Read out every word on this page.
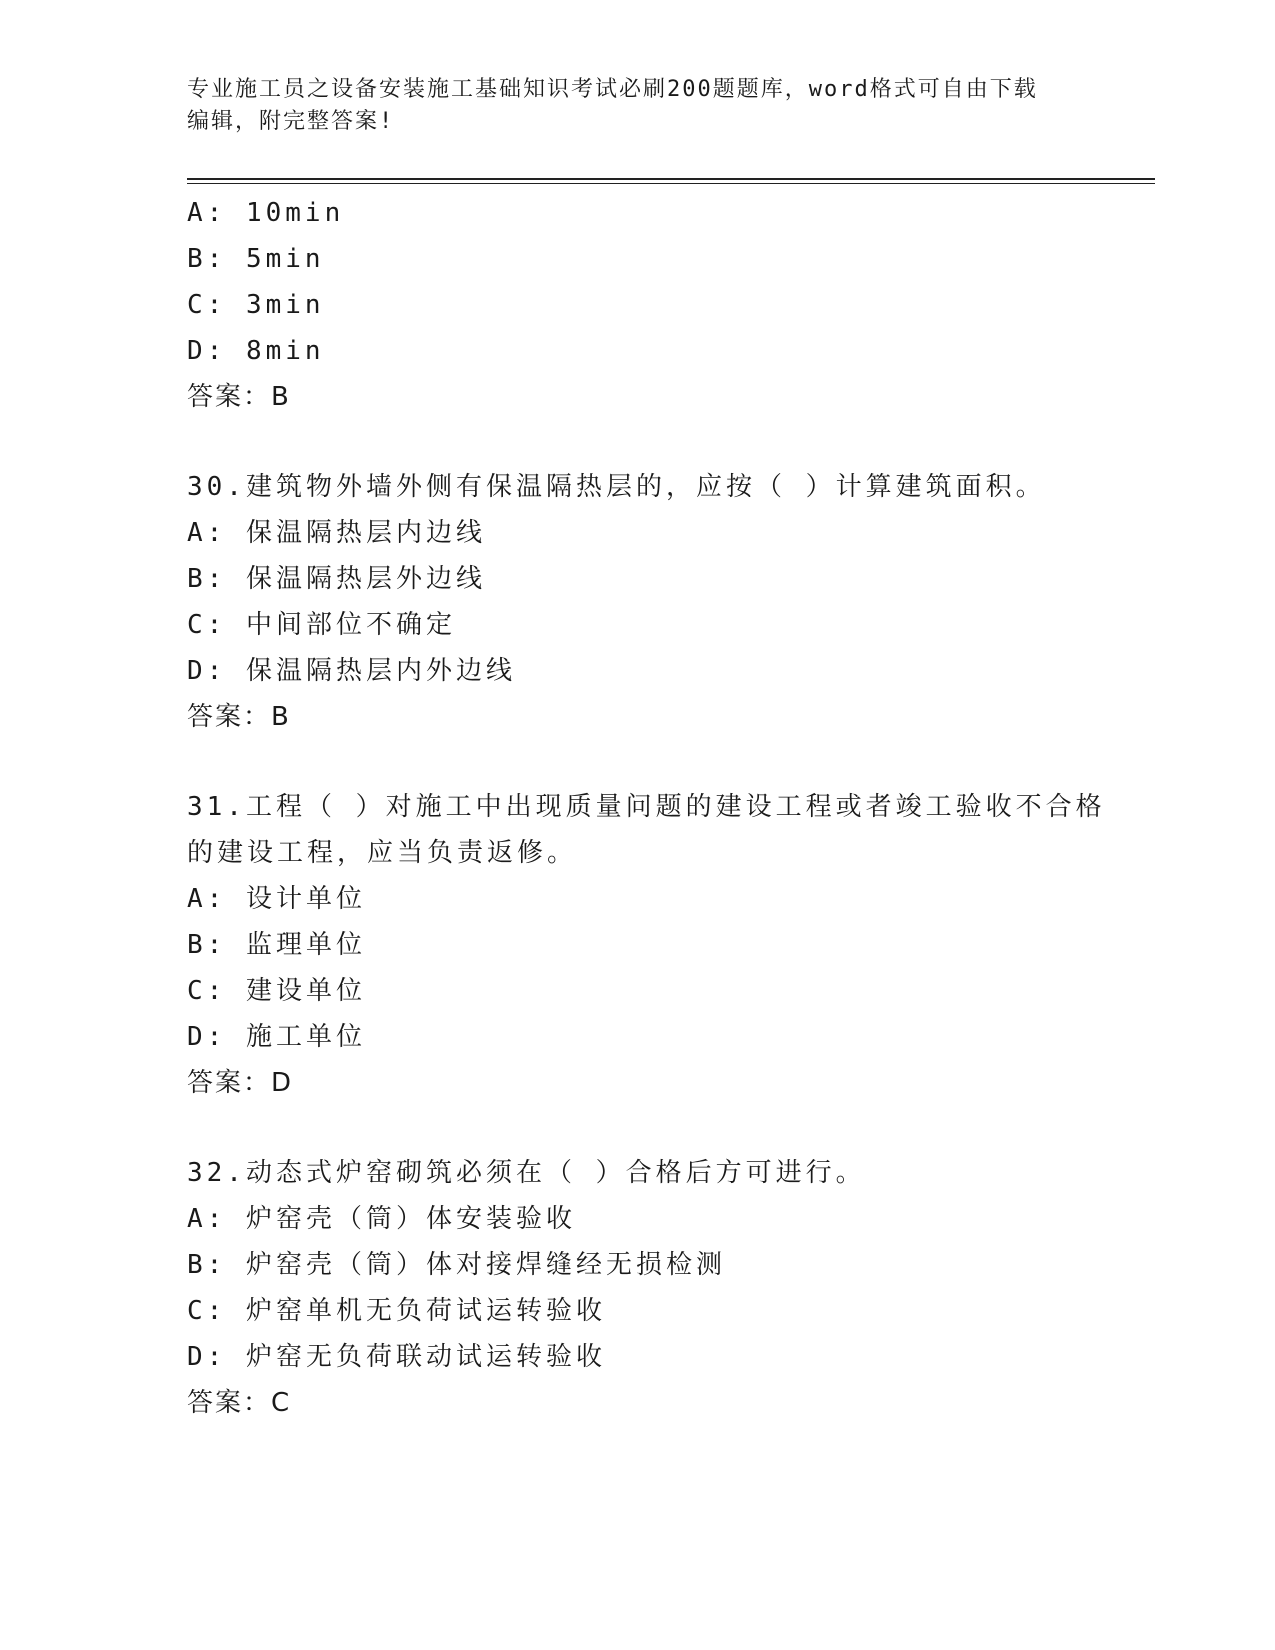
专业施工员之设备安装施工基础知识考试必刷200题题库，word格式可自由下载
编辑，附完整答案!
A: 10min
B: 5min
C: 3min
D: 8min
答案：B
30.建筑物外墙外侧有保温隔热层的，应按（ ）计算建筑面积。
A: 保温隔热层内边线
B: 保温隔热层外边线
C: 中间部位不确定
D: 保温隔热层内外边线
答案：B
31.工程（ ）对施工中出现质量问题的建设工程或者竣工验收不合格
的建设工程，应当负责返修。
A: 设计单位
B: 监理单位
C: 建设单位
D: 施工单位
答案：D
32.动态式炉窑砌筑必须在（ ）合格后方可进行。
A: 炉窑壳（筒）体安装验收
B: 炉窑壳（筒）体对接焊缝经无损检测
C: 炉窑单机无负荷试运转验收
D: 炉窑无负荷联动试运转验收
答案：C
